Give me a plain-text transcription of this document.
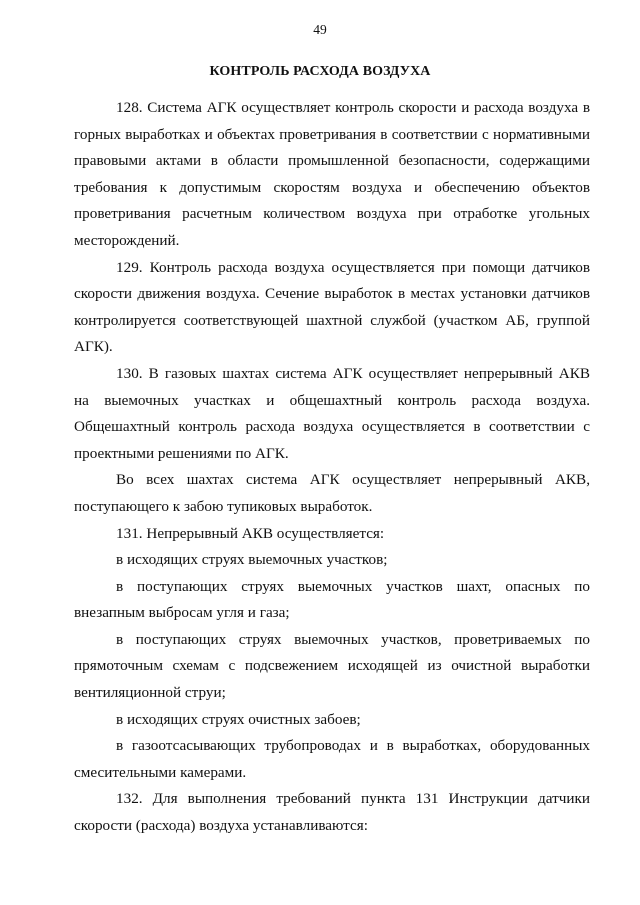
49
КОНТРОЛЬ РАСХОДА ВОЗДУХА

128. Система АГК осуществляет контроль скорости и расхода воздуха в горных выработках и объектах проветривания в соответствии с нормативными правовыми актами в области промышленной безопасности, содержащими требования к допустимым скоростям воздуха и обеспечению объектов проветривания расчетным количеством воздуха при отработке угольных месторождений.

129. Контроль расхода воздуха осуществляется при помощи датчиков скорости движения воздуха. Сечение выработок в местах установки датчиков контролируется соответствующей шахтной службой (участком АБ, группой АГК).

130. В газовых шахтах система АГК осуществляет непрерывный АКВ на выемочных участках и общешахтный контроль расхода воздуха. Общешахтный контроль расхода воздуха осуществляется в соответствии с проектными решениями по АГК.

Во всех шахтах система АГК осуществляет непрерывный АКВ, поступающего к забою тупиковых выработок.

131. Непрерывный АКВ осуществляется:

в исходящих струях выемочных участков;

в поступающих струях выемочных участков шахт, опасных по внезапным выбросам угля и газа;

в поступающих струях выемочных участков, проветриваемых по прямоточным схемам с подсвежением исходящей из очистной выработки вентиляционной струи;

в исходящих струях очистных забоев;

в газоотсасывающих трубопроводах и в выработках, оборудованных смесительными камерами.

132. Для выполнения требований пункта 131 Инструкции датчики скорости (расхода) воздуха устанавливаются:
